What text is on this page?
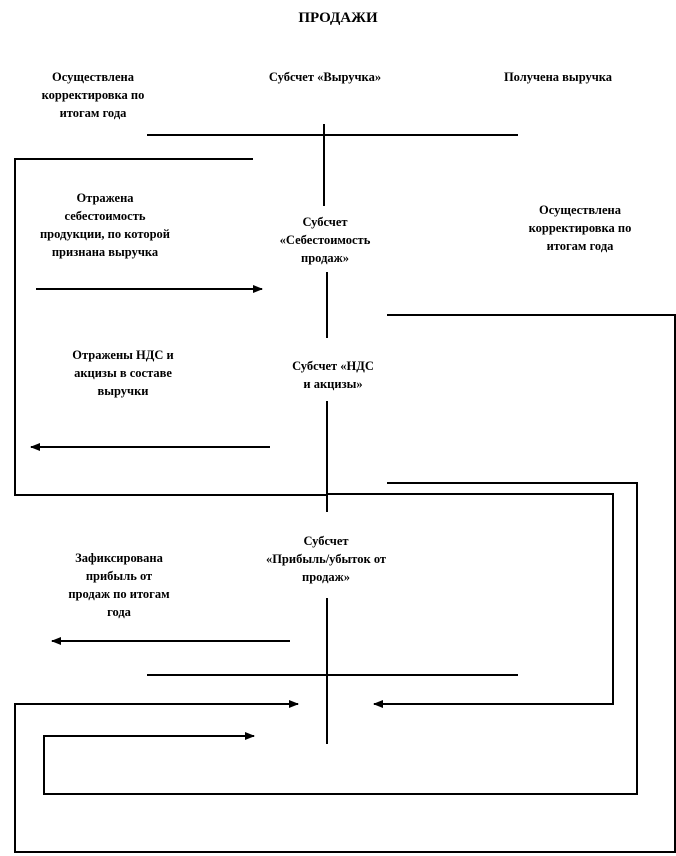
ПРОДАЖИ
Осуществлена
корректировка по
итогам года
Субсчет «Выручка»	Получена выручка
Отражена
себестоимость
продукции, по которой
признана выручка
Субсчет
«Себестоимость
продаж»
Осуществлена
корректировка по
итогам года
Отражены НДС и
акцизы в составе
выручки
Субсчет «НДС
и акцизы»
Субсчет
«Прибыль/убыток от
продаж»
Зафиксирована
прибыль от
продаж по итогам
года
